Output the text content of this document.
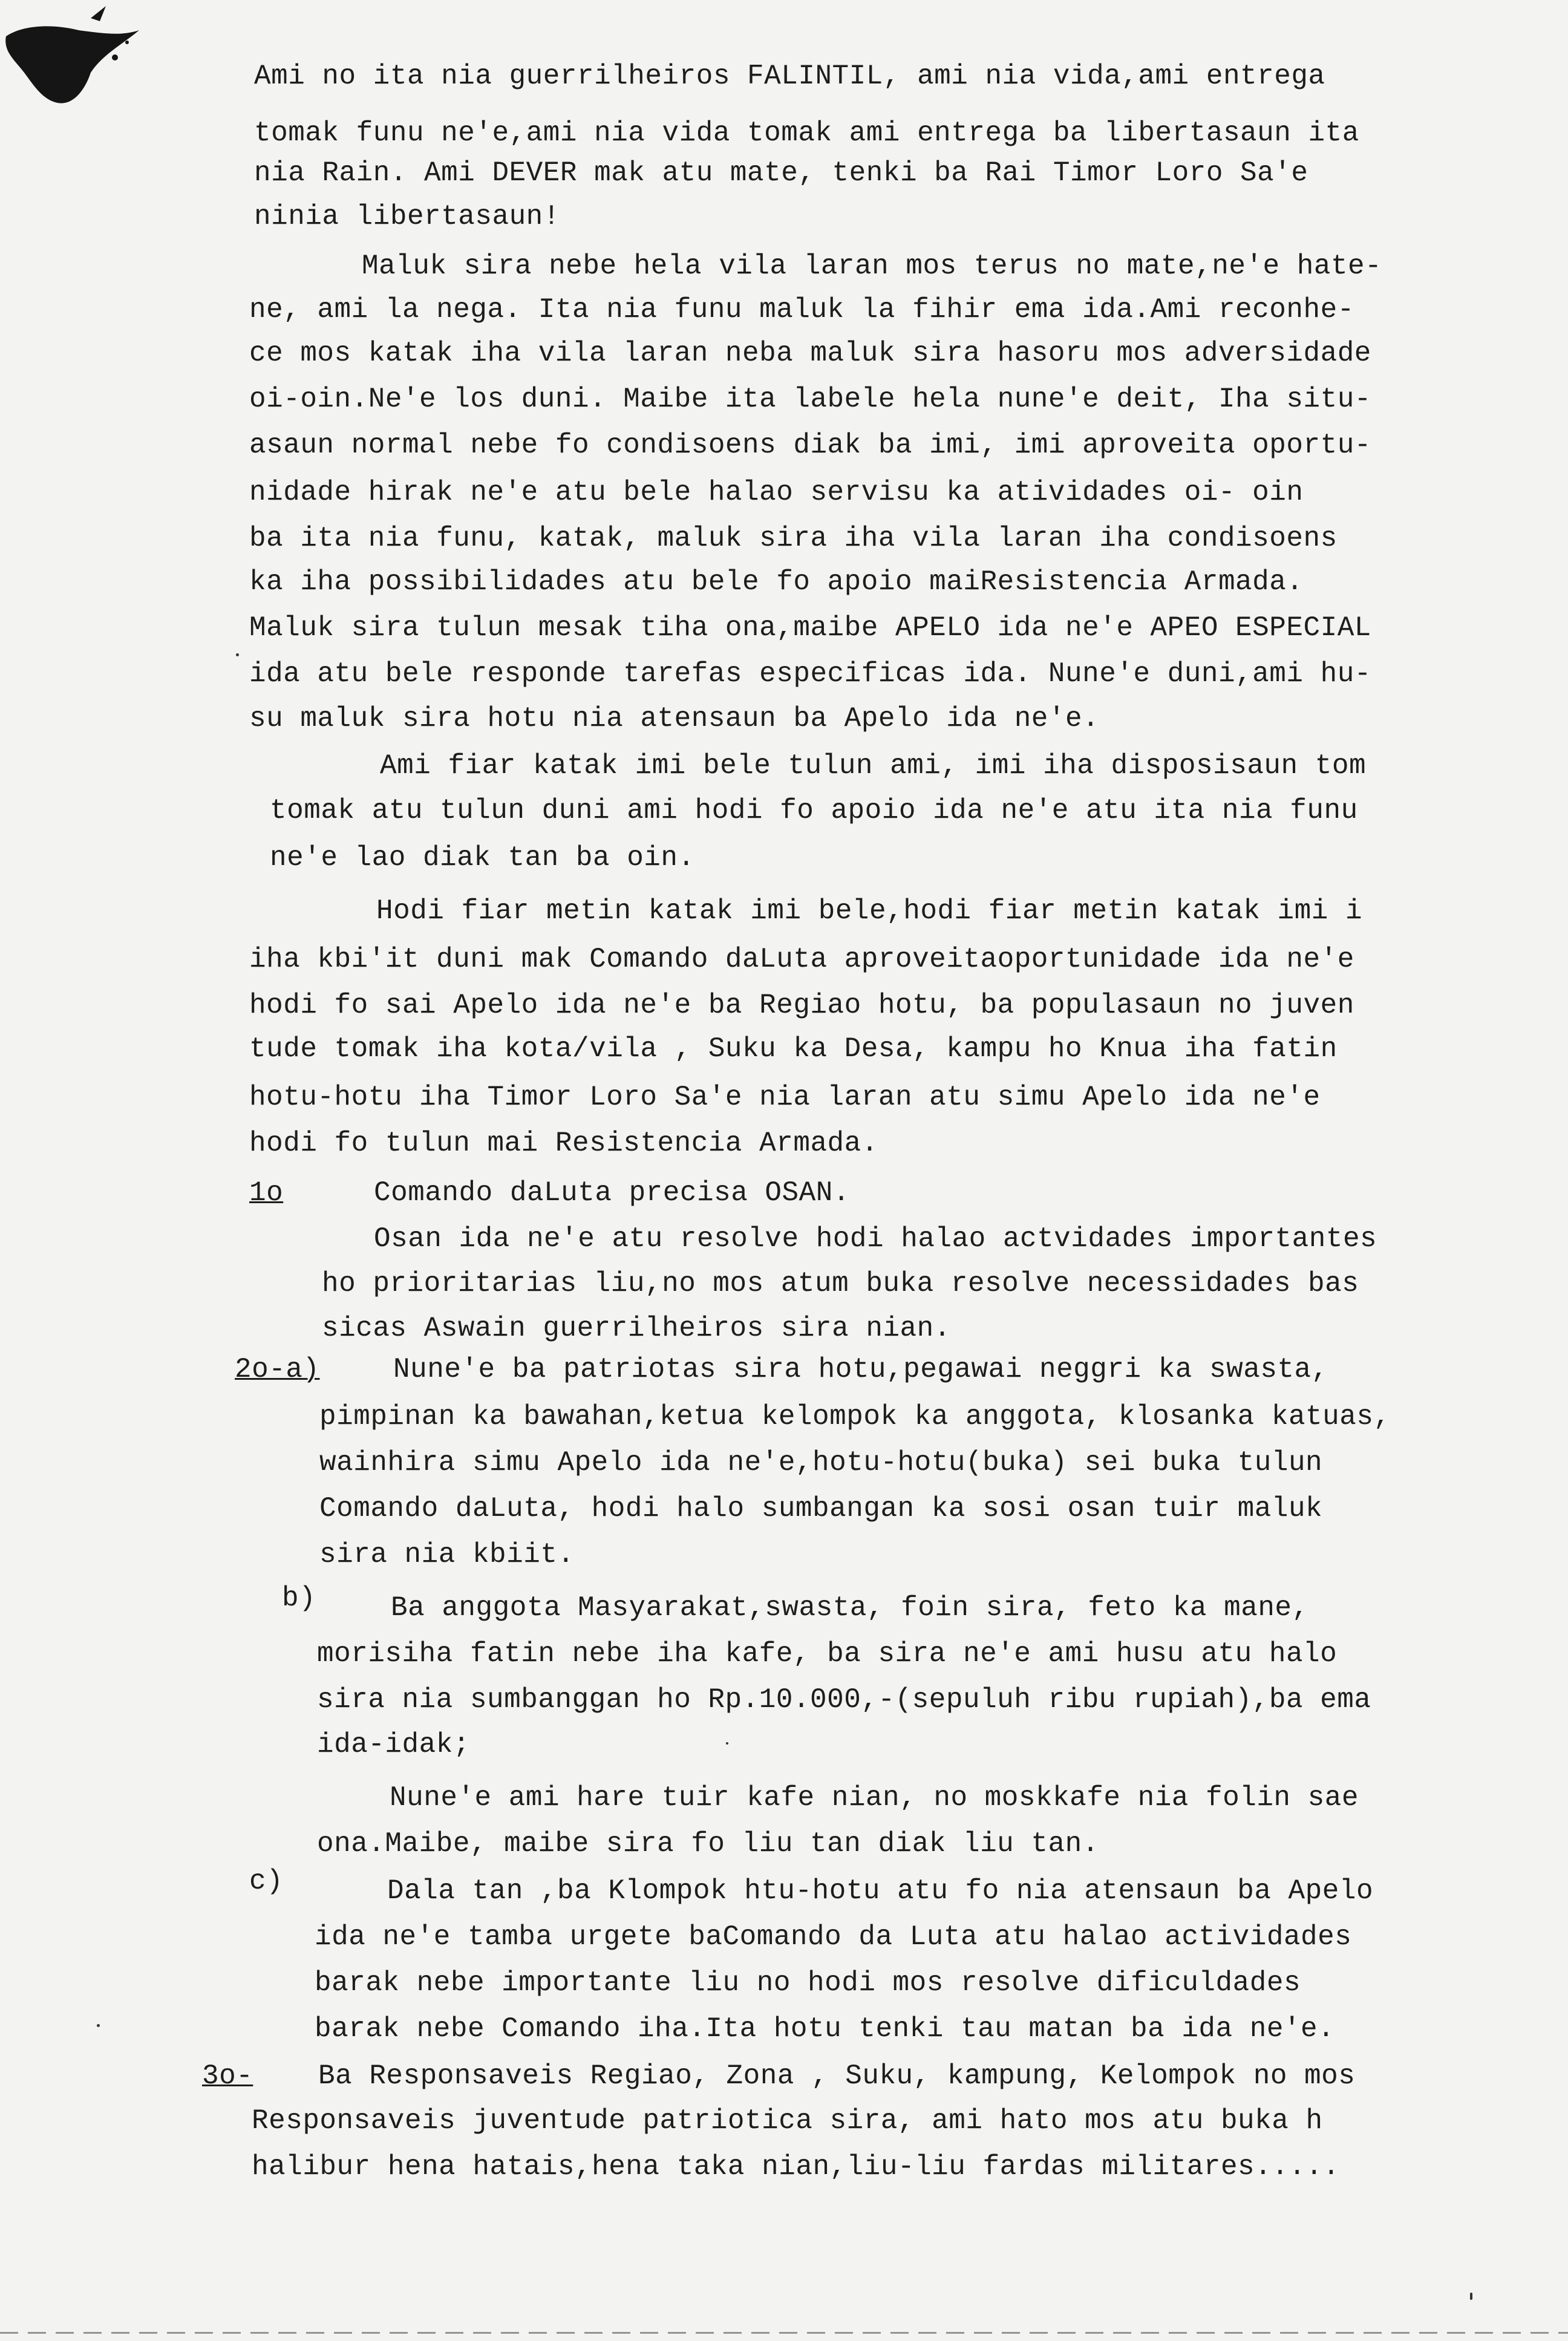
Ami no ita nia guerrilheiros FALINTIL, ami nia vida,ami entrega
tomak funu ne'e,ami nia vida tomak ami entrega ba libertasaun ita
nia Rain. Ami DEVER mak atu mate, tenki ba Rai Timor Loro Sa'e
ninia libertasaun!
Maluk sira nebe hela vila laran mos terus no mate,ne'e hate-
ne, ami la nega. Ita nia funu maluk la fihir ema ida.Ami reconhe-
ce mos katak iha vila laran neba maluk sira hasoru mos adversidade
oi-oin.Ne'e los duni. Maibe ita labele hela nune'e deit, Iha situ-
asaun normal nebe fo condisoens diak ba imi, imi aproveita oportu-
nidade hirak ne'e atu bele halao servisu ka atividades oi- oin
ba ita nia funu, katak, maluk sira iha vila laran iha condisoens
ka iha possibilidades atu bele fo apoio maiResistencia Armada.
Maluk sira tulun mesak tiha ona,maibe APELO ida ne'e APEO ESPECIAL
ida atu bele responde tarefas especificas ida. Nune'e duni,ami hu-
su maluk sira hotu nia atensaun ba Apelo ida ne'e.
Ami fiar katak imi bele tulun ami, imi iha disposisaun tom
tomak atu tulun duni ami hodi fo apoio ida ne'e atu ita nia funu
ne'e lao diak tan ba oin.
Hodi fiar metin katak imi bele,hodi fiar metin katak imi i
iha kbi'it duni mak Comando daLuta aproveitaoportunidade ida ne'e
hodi fo sai Apelo ida ne'e ba Regiao hotu, ba populasaun no juven
tude tomak iha kota/vila , Suku ka Desa, kampu ho Knua iha fatin
hotu-hotu iha Timor Loro Sa'e nia laran atu simu Apelo ida ne'e
hodi fo tulun mai Resistencia Armada.
1o	Comando daLuta precisa OSAN.
Osan ida ne'e atu resolve hodi halao actvidades importantes
ho prioritarias liu,no mos atum buka resolve necessidades bas
sicas Aswain guerrilheiros sira nian.
2o-a)	Nune'e ba patriotas sira hotu,pegawai neggri ka swasta,
pimpinan ka bawahan,ketua kelompok ka anggota, klosanka katuas,
wainhira simu Apelo ida ne'e,hotu-hotu(buka) sei buka tulun
Comando daLuta, hodi halo sumbangan ka sosi osan tuir maluk
sira nia kbiit.
b)	Ba anggota Masyarakat,swasta, foin sira, feto ka mane,
morisiha fatin nebe iha kafe, ba sira ne'e ami husu atu halo
sira nia sumbanggan ho Rp.10.000,-(sepuluh ribu rupiah),ba ema
ida-idak;
Nune'e ami hare tuir kafe nian, no moskkafe nia folin sae
ona.Maibe, maibe sira fo liu tan diak liu tan.
c)	Dala tan ,ba Klompok htu-hotu atu fo nia atensaun ba Apelo
ida ne'e tamba urgete baComando da Luta atu halao actividades
barak nebe importante liu no hodi mos resolve dificuldades
barak nebe Comando iha.Ita hotu tenki tau matan ba ida ne'e.
3o- Ba Responsaveis Regiao, Zona , Suku, kampung, Kelompok no mos
Responsaveis juventude patriotica sira, ami hato mos atu buka h
halibur hena hatais,hena taka nian,liu-liu fardas militares.....
